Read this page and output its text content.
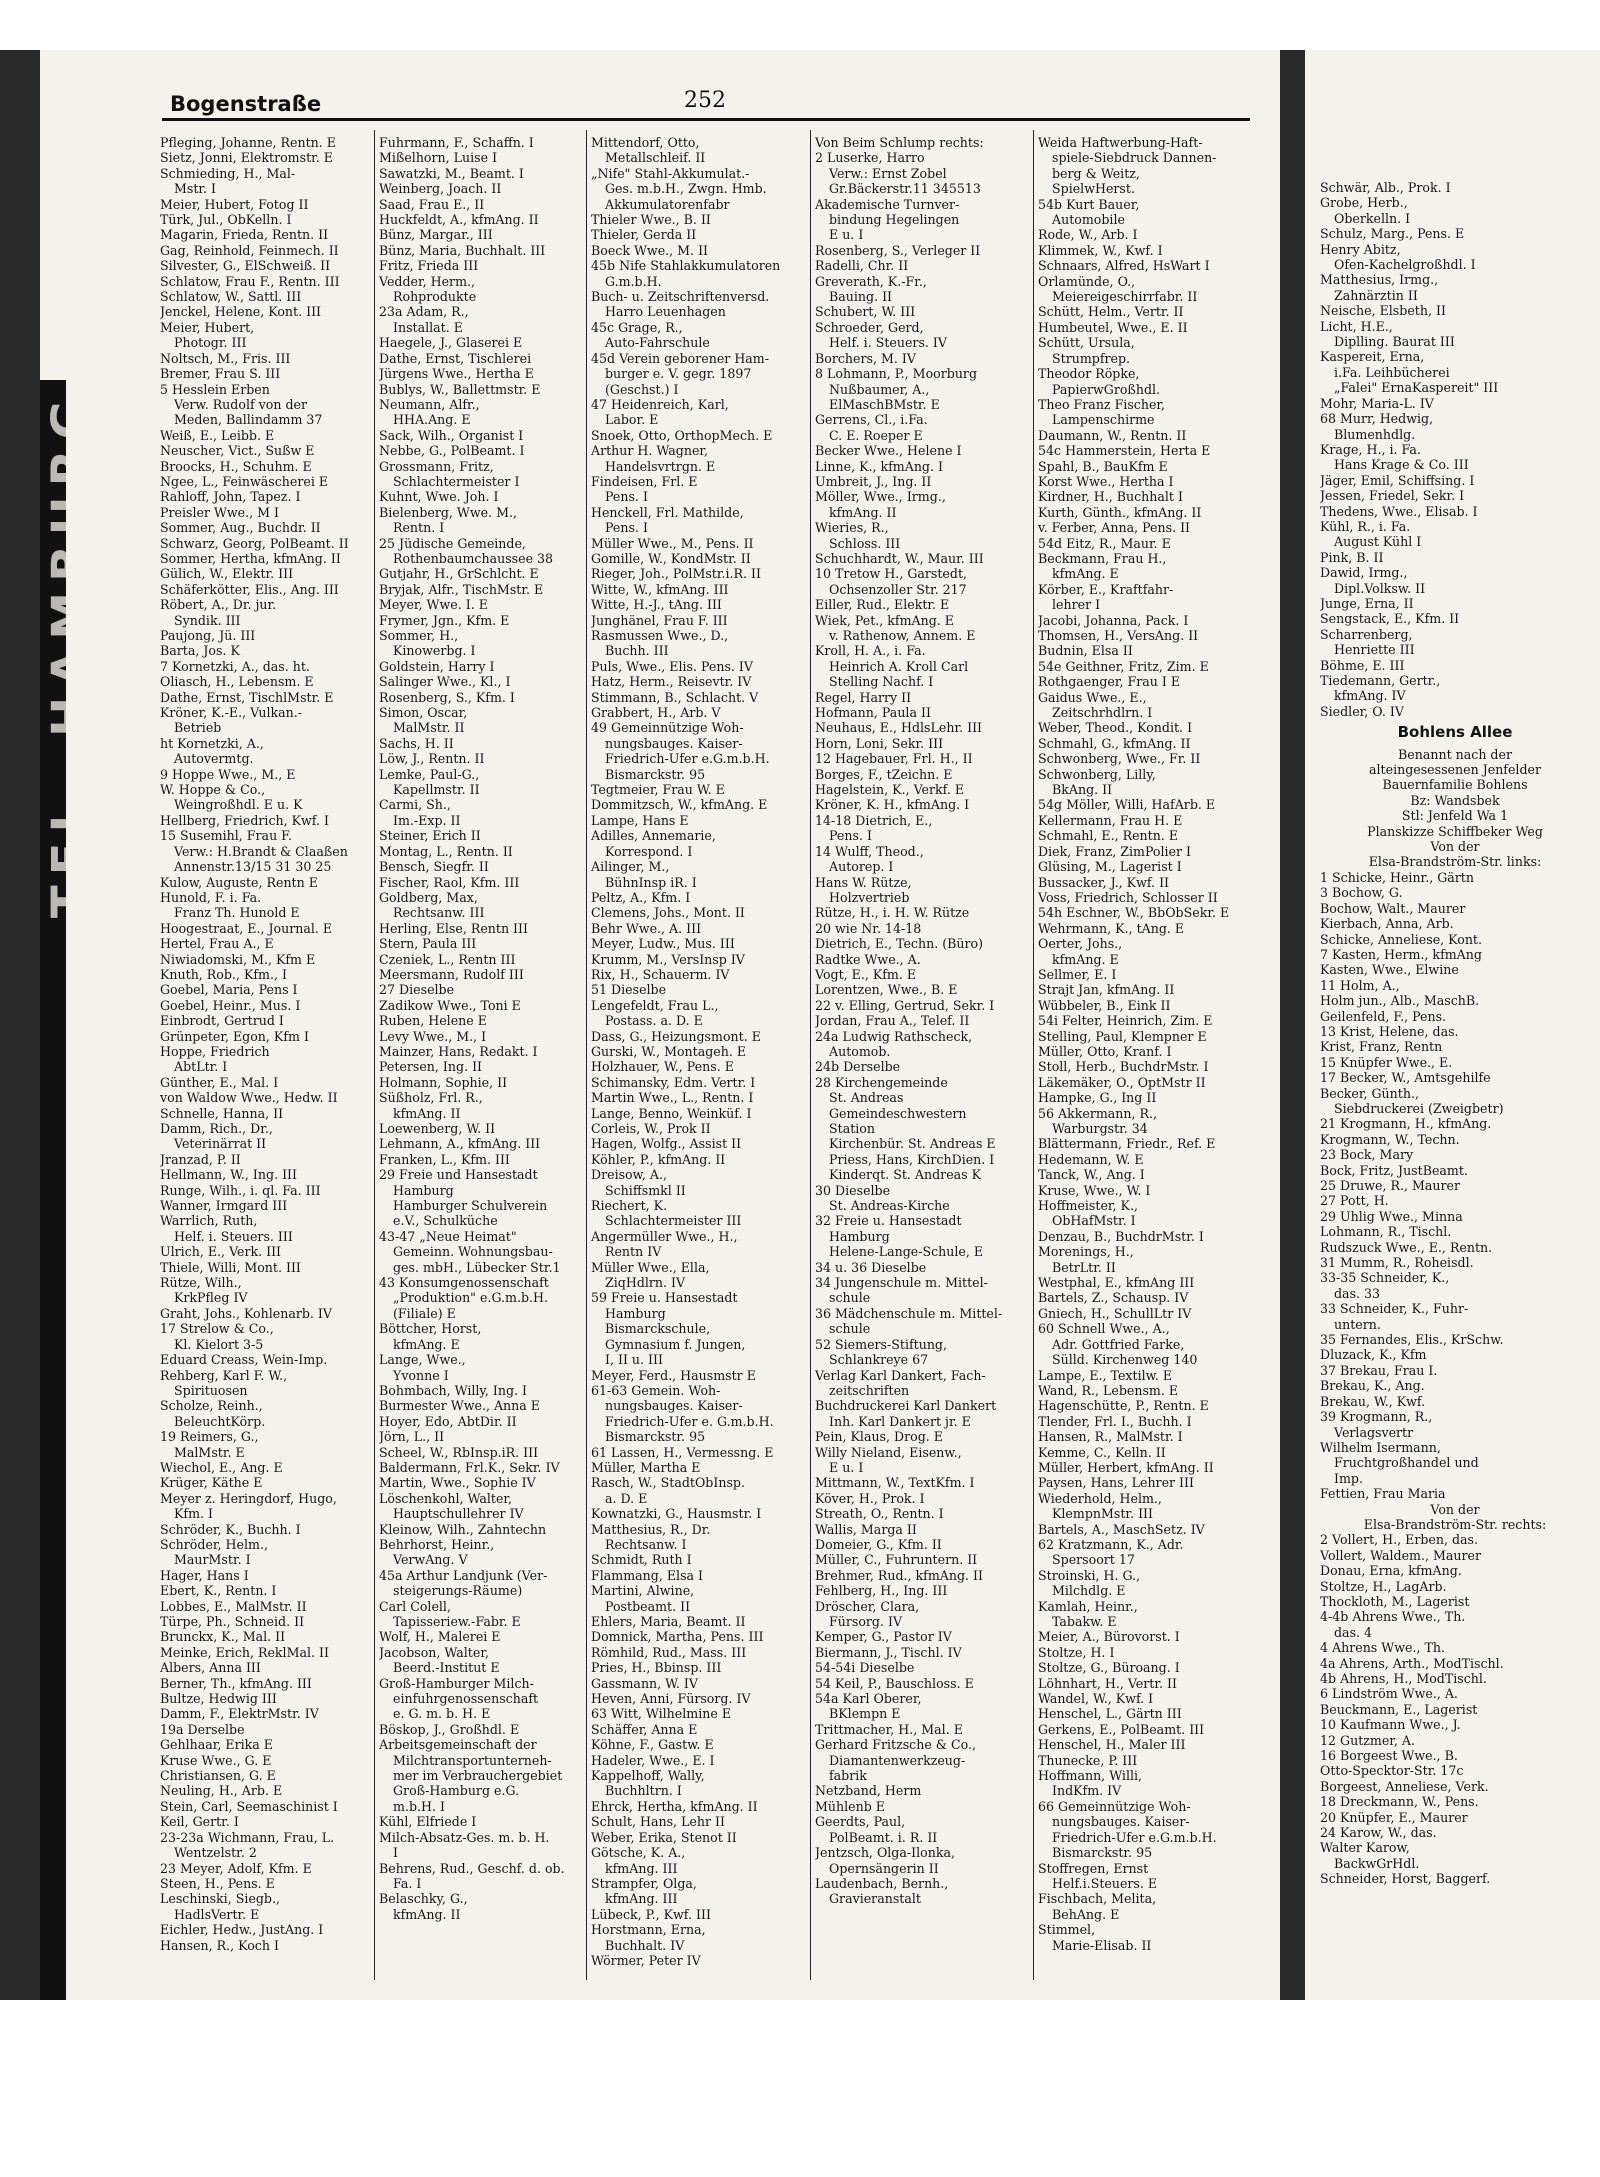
TEL. HAMBURG
Schwär, Alb., Prok. I
Grobe, Herb.,
Oberkelln. I
Schulz, Marg., Pens. E
Henry Abitz,
Ofen-Kachelgroßhdl. I
Matthesius, Irmg.,
Zahnärztin II
Neische, Elsbeth, II
Licht, H.E.,
Diplling. Baurat III
Kaspereit, Erna,
i.Fa. Leihbücherei
„Falei" ErnaKaspereit" III
Mohr, Maria-L. IV
68 Murr, Hedwig,
Blumenhdlg.
Krage, H., i. Fa.
Hans Krage & Co. III
Jäger, Emil, Schiffsing. I
Jessen, Friedel, Sekr. I
Thedens, Wwe., Elisab. I
Kühl, R., i. Fa.
August Kühl I
Pink, B. II
Dawid, Irmg.,
Dipl.Volksw. II
Junge, Erna, II
Sengstack, E., Kfm. II
Scharrenberg,
Henriette III
Böhme, E. III
Tiedemann, Gertr.,
kfmAng. IV
Siedler, O. IV
Bohlens Allee
Benannt nach der
alteingesessenen Jenfelder
Bauernfamilie Bohlens
Bz: Wandsbek
Stl: Jenfeld Wa 1
Planskizze Schiffbeker Weg
Von der
Elsa-Brandström-Str. links:
1 Schicke, Heinr., Gärtn
3 Bochow, G.
Bochow, Walt., Maurer
Kierbach, Anna, Arb.
Schicke, Anneliese, Kont.
7 Kasten, Herm., kfmAng
Kasten, Wwe., Elwine
11 Holm, A.,
Holm jun., Alb., MaschB.
Geilenfeld, F., Pens.
13 Krist, Helene, das.
Krist, Franz, Rentn
15 Knüpfer Wwe., E.
17 Becker, W., Amtsgehilfe
Becker, Günth.,
Siebdruckerei (Zweigbetr)
21 Krogmann, H., kfmAng.
Krogmann, W., Techn.
23 Bock, Mary
Bock, Fritz, JustBeamt.
25 Druwe, R., Maurer
27 Pott, H.
29 Uhlig Wwe., Minna
Lohmann, R., Tischl.
Rudszuck Wwe., E., Rentn.
31 Mumm, R., Roheisdl.
33-35 Schneider, K.,
das. 33
33 Schneider, K., Fuhr-
untern.
35 Fernandes, Elis., KrSchw.
Dluzack, K., Kfm
37 Brekau, Frau I.
Brekau, K., Ang.
Brekau, W., Kwf.
39 Krogmann, R.,
Verlagsvertr
Wilhelm Isermann,
Fruchtgroßhandel und
Imp.
Fettien, Frau Maria
Von der
Elsa-Brandström-Str. rechts:
2 Vollert, H., Erben, das.
Vollert, Waldem., Maurer
Donau, Erna, kfmAng.
Stoltze, H., LagArb.
Thockloth, M., Lagerist
4-4b Ahrens Wwe., Th.
das. 4
4 Ahrens Wwe., Th.
4a Ahrens, Arth., ModTischl.
4b Ahrens, H., ModTischl.
6 Lindström Wwe., A.
Beuckmann, E., Lagerist
10 Kaufmann Wwe., J.
12 Gutzmer, A.
16 Borgeest Wwe., B.
Otto-Specktor-Str. 17c
Borgeest, Anneliese, Verk.
18 Dreckmann, W., Pens.
20 Knüpfer, E., Maurer
24 Karow, W., das.
Walter Karow,
BackwGrHdl.
Schneider, Horst, Baggerf.
Bogenstraße	252
Pfleging, Johanne, Rentn. E
Sietz, Jonni, Elektromstr. E
Schmieding, H., Mal-
Mstr. I
Meier, Hubert, Fotog II
Türk, Jul., ObKelln. I
Magarin, Frieda, Rentn. II
Gag, Reinhold, Feinmech. II
Silvester, G., ElSchweiß. II
Schlatow, Frau F., Rentn. III
Schlatow, W., Sattl. III
Jenckel, Helene, Kont. III
Meier, Hubert,
Photogr. III
Noltsch, M., Fris. III
Bremer, Frau S. III
5 Hesslein Erben
Verw. Rudolf von der
Meden, Ballindamm 37
Weiß, E., Leibb. E
Neuscher, Vict., Sußw E
Broocks, H., Schuhm. E
Ngee, L., Feinwäscherei E
Rahloff, John, Tapez. I
Preisler Wwe., M I
Sommer, Aug., Buchdr. II
Schwarz, Georg, PolBeamt. II
Sommer, Hertha, kfmAng. II
Gülich, W., Elektr. III
Schäferkötter, Elis., Ang. III
Röbert, A., Dr. jur.
Syndik. III
Paujong, Jü. III
Barta, Jos. K
7 Kornetzki, A., das. ht.
Oliasch, H., Lebensm. E
Dathe, Ernst, TischlMstr. E
Kröner, K.-E., Vulkan.-
Betrieb
ht Kornetzki, A.,
Autovermtg.
9 Hoppe Wwe., M., E
W. Hoppe & Co.,
Weingroßhdl. E u. K
Hellberg, Friedrich, Kwf. I
15 Susemihl, Frau F.
Verw.: H.Brandt & Claaßen
Annenstr.13/15 31 30 25
Kulow, Auguste, Rentn E
Hunold, F. i. Fa.
Franz Th. Hunold E
Hoogestraat, E., Journal. E
Hertel, Frau A., E
Niwiadomski, M., Kfm E
Knuth, Rob., Kfm., I
Goebel, Maria, Pens I
Goebel, Heinr., Mus. I
Einbrodt, Gertrud I
Grünpeter, Egon, Kfm I
Hoppe, Friedrich
AbtLtr. I
Günther, E., Mal. I
von Waldow Wwe., Hedw. II
Schnelle, Hanna, II
Damm, Rich., Dr.,
Veterinärrat II
Jranzad, P. II
Hellmann, W., Ing. III
Runge, Wilh., i. ql. Fa. III
Wanner, Irmgard III
Warrlich, Ruth,
Helf. i. Steuers. III
Ulrich, E., Verk. III
Thiele, Willi, Mont. III
Rütze, Wilh.,
KrkPfleg IV
Graht, Johs., Kohlenarb. IV
17 Strelow & Co.,
Kl. Kielort 3-5
Eduard Creass, Wein-Imp.
Rehberg, Karl F. W.,
Spirituosen
Scholze, Reinh.,
BeleuchtKörp.
19 Reimers, G.,
MalMstr. E
Wiechol, E., Ang. E
Krüger, Käthe E
Meyer z. Heringdorf, Hugo,
Kfm. I
Schröder, K., Buchh. I
Schröder, Helm.,
MaurMstr. I
Hager, Hans I
Ebert, K., Rentn. I
Lobbes, E., MalMstr. II
Türpe, Ph., Schneid. II
Brunckx, K., Mal. II
Meinke, Erich, ReklMal. II
Albers, Anna III
Berner, Th., kfmAng. III
Bultze, Hedwig III
Damm, F., ElektrMstr. IV
19a Derselbe
Gehlhaar, Erika E
Kruse Wwe., G. E
Christiansen, G. E
Neuling, H., Arb. E
Stein, Carl, Seemaschinist I
Keil, Gertr. I
23-23a Wichmann, Frau, L.
Wentzelstr. 2
23 Meyer, Adolf, Kfm. E
Steen, H., Pens. E
Leschinski, Siegb.,
HadlsVertr. E
Eichler, Hedw., JustAng. I
Hansen, R., Koch I
Fuhrmann, F., Schaffn. I
Mißelhorn, Luise I
Sawatzki, M., Beamt. I
Weinberg, Joach. II
Saad, Frau E., II
Huckfeldt, A., kfmAng. II
Bünz, Margar., III
Bünz, Maria, Buchhalt. III
Fritz, Frieda III
Vedder, Herm.,
Rohprodukte
23a Adam, R.,
Installat. E
Haegele, J., Glaserei E
Dathe, Ernst, Tischlerei
Jürgens Wwe., Hertha E
Bublys, W., Ballettmstr. E
Neumann, Alfr.,
HHA.Ang. E
Sack, Wilh., Organist I
Nebbe, G., PolBeamt. I
Grossmann, Fritz,
Schlachtermeister I
Kuhnt, Wwe. Joh. I
Bielenberg, Wwe. M.,
Rentn. I
25 Jüdische Gemeinde,
Rothenbaumchaussee 38
Gutjahr, H., GrSchlcht. E
Bryjak, Alfr., TischMstr. E
Meyer, Wwe. I. E
Frymer, Jgn., Kfm. E
Sommer, H.,
Kinowerbg. I
Goldstein, Harry I
Salinger Wwe., Kl., I
Rosenberg, S., Kfm. I
Simon, Oscar,
MalMstr. II
Sachs, H. II
Löw, J., Rentn. II
Lemke, Paul-G.,
Kapellmstr. II
Carmi, Sh.,
Im.-Exp. II
Steiner, Erich II
Montag, L., Rentn. II
Bensch, Siegfr. II
Fischer, Raol, Kfm. III
Goldberg, Max,
Rechtsanw. III
Herling, Else, Rentn III
Stern, Paula III
Czeniek, L., Rentn III
Meersmann, Rudolf III
27 Dieselbe
Zadikow Wwe., Toni E
Ruben, Helene E
Levy Wwe., M., I
Mainzer, Hans, Redakt. I
Petersen, Ing. II
Holmann, Sophie, II
Süßholz, Frl. R.,
kfmAng. II
Loewenberg, W. II
Lehmann, A., kfmAng. III
Franken, L., Kfm. III
29 Freie und Hansestadt
Hamburg
Hamburger Schulverein
e.V., Schulküche
43-47 „Neue Heimat"
Gemeinn. Wohnungsbau-
ges. mbH., Lübecker Str.1
43 Konsumgenossenschaft
„Produktion" e.G.m.b.H.
(Filiale) E
Böttcher, Horst,
kfmAng. E
Lange, Wwe.,
Yvonne I
Bohmbach, Willy, Ing. I
Burmester Wwe., Anna E
Hoyer, Edo, AbtDir. II
Jörn, L., II
Scheel, W., RbInsp.iR. III
Baldermann, Frl.K., Sekr. IV
Martin, Wwe., Sophie IV
Löschenkohl, Walter,
Hauptschullehrer IV
Kleinow, Wilh., Zahntechn
Behrhorst, Heinr.,
VerwAng. V
45a Arthur Landjunk (Ver-
steigerungs-Räume)
Carl Colell,
Tapisseriew.-Fabr. E
Wolf, H., Malerei E
Jacobson, Walter,
Beerd.-Institut E
Groß-Hamburger Milch-
einfuhrgenossenschaft
e. G. m. b. H. E
Böskop, J., Großhdl. E
Arbeitsgemeinschaft der
Milchtransportunterneh-
mer im Verbrauchergebiet
Groß-Hamburg e.G.
m.b.H. I
Kühl, Elfriede I
Milch-Absatz-Ges. m. b. H.
I
Behrens, Rud., Geschf. d. ob.
Fa. I
Belaschky, G.,
kfmAng. II
Mittendorf, Otto,
Metallschleif. II
„Nife" Stahl-Akkumulat.-
Ges. m.b.H., Zwgn. Hmb.
Akkumulatorenfabr
Thieler Wwe., B. II
Thieler, Gerda II
Boeck Wwe., M. II
45b Nife Stahlakkumulatoren
G.m.b.H.
Buch- u. Zeitschriftenversd.
Harro Leuenhagen
45c Grage, R.,
Auto-Fahrschule
45d Verein geborener Ham-
burger e. V. gegr. 1897
(Geschst.) I
47 Heidenreich, Karl,
Labor. E
Snoek, Otto, OrthopMech. E
Arthur H. Wagner,
Handelsvrtrgn. E
Findeisen, Frl. E
Pens. I
Henckell, Frl. Mathilde,
Pens. I
Müller Wwe., M., Pens. II
Gomille, W., KondMstr. II
Rieger, Joh., PolMstr.i.R. II
Witte, W., kfmAng. III
Witte, H.-J., tAng. III
Junghänel, Frau F. III
Rasmussen Wwe., D.,
Buchh. III
Puls, Wwe., Elis. Pens. IV
Hatz, Herm., Reisevtr. IV
Stimmann, B., Schlacht. V
Grabbert, H., Arb. V
49 Gemeinnützige Woh-
nungsbauges. Kaiser-
Friedrich-Ufer e.G.m.b.H.
Bismarckstr. 95
Tegtmeier, Frau W. E
Dommitzsch, W., kfmAng. E
Lampe, Hans E
Adilles, Annemarie,
Korrespond. I
Ailinger, M.,
BühnInsp iR. I
Peltz, A., Kfm. I
Clemens, Johs., Mont. II
Behr Wwe., A. III
Meyer, Ludw., Mus. III
Krumm, M., VersInsp IV
Rix, H., Schauerm. IV
51 Dieselbe
Lengefeldt, Frau L.,
Postass. a. D. E
Dass, G., Heizungsmont. E
Gurski, W., Montageh. E
Holzhauer, W., Pens. E
Schimansky, Edm. Vertr. I
Martin Wwe., L., Rentn. I
Lange, Benno, Weinküf. I
Corleis, W., Prok II
Hagen, Wolfg., Assist II
Köhler, P., kfmAng. II
Dreisow, A.,
Schiffsmkl II
Riechert, K.
Schlachtermeister III
Angermüller Wwe., H.,
Rentn IV
Müller Wwe., Ella,
ZiqHdlrn. IV
59 Freie u. Hansestadt
Hamburg
Bismarckschule,
Gymnasium f. Jungen,
I, II u. III
Meyer, Ferd., Hausmstr E
61-63 Gemein. Woh-
nungsbauges. Kaiser-
Friedrich-Ufer e. G.m.b.H.
Bismarckstr. 95
61 Lassen, H., Vermessng. E
Müller, Martha E
Rasch, W., StadtObInsp.
a. D. E
Kownatzki, G., Hausmstr. I
Matthesius, R., Dr.
Rechtsanw. I
Schmidt, Ruth I
Flammang, Elsa I
Martini, Alwine,
Postbeamt. II
Ehlers, Maria, Beamt. II
Domnick, Martha, Pens. III
Römhild, Rud., Mass. III
Pries, H., Bbinsp. III
Gassmann, W. IV
Heven, Anni, Fürsorg. IV
63 Witt, Wilhelmine E
Schäffer, Anna E
Köhne, F., Gastw. E
Hadeler, Wwe., E. I
Kappelhoff, Wally,
Buchhltrn. I
Ehrck, Hertha, kfmAng. II
Schult, Hans, Lehr II
Weber, Erika, Stenot II
Götsche, K. A.,
kfmAng. III
Strampfer, Olga,
kfmAng. III
Lübeck, P., Kwf. III
Horstmann, Erna,
Buchhalt. IV
Wörmer, Peter IV
Von Beim Schlump rechts:
2 Luserke, Harro
Verw.: Ernst Zobel
Gr.Bäckerstr.11 345513
Akademische Turnver-
bindung Hegelingen
E u. I
Rosenberg, S., Verleger II
Radelli, Chr. II
Greverath, K.-Fr.,
Bauing. II
Schubert, W. III
Schroeder, Gerd,
Helf. i. Steuers. IV
Borchers, M. IV
8 Lohmann, P., Moorburg
Nußbaumer, A.,
ElMaschBMstr. E
Gerrens, Cl., i.Fa.
C. E. Roeper E
Becker Wwe., Helene I
Linne, K., kfmAng. I
Umbreit, J., Ing. II
Möller, Wwe., Irmg.,
kfmAng. II
Wieries, R.,
Schloss. III
Schuchhardt, W., Maur. III
10 Tretow H., Garstedt,
Ochsenzoller Str. 217
Eiller, Rud., Elektr. E
Wiek, Pet., kfmAng. E
v. Rathenow, Annem. E
Kroll, H. A., i. Fa.
Heinrich A. Kroll Carl
Stelling Nachf. I
Regel, Harry II
Hofmann, Paula II
Neuhaus, E., HdlsLehr. III
Horn, Loni, Sekr. III
12 Hagebauer, Frl. H., II
Borges, F., tZeichn. E
Hagelstein, K., Verkf. E
Kröner, K. H., kfmAng. I
14-18 Dietrich, E.,
Pens. I
14 Wulff, Theod.,
Autorep. I
Hans W. Rütze,
Holzvertrieb
Rütze, H., i. H. W. Rütze
20 wie Nr. 14-18
Dietrich, E., Techn. (Büro)
Radtke Wwe., A.
Vogt, E., Kfm. E
Lorentzen, Wwe., B. E
22 v. Elling, Gertrud, Sekr. I
Jordan, Frau A., Telef. II
24a Ludwig Rathscheck,
Automob.
24b Derselbe
28 Kirchengemeinde
St. Andreas
Gemeindeschwestern
Station
Kirchenbür. St. Andreas E
Priess, Hans, KirchDien. I
Kinderqt. St. Andreas K
30 Dieselbe
St. Andreas-Kirche
32 Freie u. Hansestadt
Hamburg
Helene-Lange-Schule, E
34 u. 36 Dieselbe
34 Jungenschule m. Mittel-
schule
36 Mädchenschule m. Mittel-
schule
52 Siemers-Stiftung,
Schlankreye 67
Verlag Karl Dankert, Fach-
zeitschriften
Buchdruckerei Karl Dankert
Inh. Karl Dankert jr. E
Pein, Klaus, Drog. E
Willy Nieland, Eisenw.,
E u. I
Mittmann, W., TextKfm. I
Köver, H., Prok. I
Streath, O., Rentn. I
Wallis, Marga II
Domeier, G., Kfm. II
Müller, C., Fuhruntern. II
Brehmer, Rud., kfmAng. II
Fehlberg, H., Ing. III
Dröscher, Clara,
Fürsorg. IV
Kemper, G., Pastor IV
Biermann, J., Tischl. IV
54-54i Dieselbe
54 Keil, P., Bauschloss. E
54a Karl Oberer,
BKlempn E
Trittmacher, H., Mal. E
Gerhard Fritzsche & Co.,
Diamantenwerkzeug-
fabrik
Netzband, Herm
Mühlenb E
Geerdts, Paul,
PolBeamt. i. R. II
Jentzsch, Olga-Ilonka,
Opernsängerin II
Laudenbach, Bernh.,
Gravieranstalt
Weida Haftwerbung-Haft-
spiele-Siebdruck Dannen-
berg & Weitz,
SpielwHerst.
54b Kurt Bauer,
Automobile
Rode, W., Arb. I
Klimmek, W., Kwf. I
Schnaars, Alfred, HsWart I
Orlamünde, O.,
Meiereigeschirrfabr. II
Schütt, Helm., Vertr. II
Humbeutel, Wwe., E. II
Schütt, Ursula,
Strumpfrep.
Theodor Röpke,
PapierwGroßhdl.
Theo Franz Fischer,
Lampenschirme
Daumann, W., Rentn. II
54c Hammerstein, Herta E
Spahl, B., BauKfm E
Korst Wwe., Hertha I
Kirdner, H., Buchhalt I
Kurth, Günth., kfmAng. II
v. Ferber, Anna, Pens. II
54d Eitz, R., Maur. E
Beckmann, Frau H.,
kfmAng. E
Körber, E., Kraftfahr-
lehrer I
Jacobi, Johanna, Pack. I
Thomsen, H., VersAng. II
Budnin, Elsa II
54e Geithner, Fritz, Zim. E
Rothgaenger, Frau I E
Gaidus Wwe., E.,
Zeitschrhdlrn. I
Weber, Theod., Kondit. I
Schmahl, G., kfmAng. II
Schwonberg, Wwe., Fr. II
Schwonberg, Lilly,
BkAng. II
54g Möller, Willi, HafArb. E
Kellermann, Frau H. E
Schmahl, E., Rentn. E
Diek, Franz, ZimPolier I
Glüsing, M., Lagerist I
Bussacker, J., Kwf. II
Voss, Friedrich, Schlosser II
54h Eschner, W., BbObSekr. E
Wehrmann, K., tAng. E
Oerter, Johs.,
kfmAng. E
Sellmer, E. I
Strajt Jan, kfmAng. II
Wübbeler, B., Eink II
54i Felter, Heinrich, Zim. E
Stelling, Paul, Klempner E
Müller, Otto, Kranf. I
Stoll, Herb., BuchdrMstr. I
Läkemäker, O., OptMstr II
Hampke, G., Ing II
56 Akkermann, R.,
Warburgstr. 34
Blättermann, Friedr., Ref. E
Hedemann, W. E
Tanck, W., Ang. I
Kruse, Wwe., W. I
Hoffmeister, K.,
ObHafMstr. I
Denzau, B., BuchdrMstr. I
Morenings, H.,
BetrLtr. II
Westphal, E., kfmAng III
Bartels, Z., Schausp. IV
Gniech, H., SchullLtr IV
60 Schnell Wwe., A.,
Adr. Gottfried Farke,
Sülld. Kirchenweg 140
Lampe, E., Textilw. E
Wand, R., Lebensm. E
Hagenschütte, P., Rentn. E
Tlender, Frl. I., Buchh. I
Hansen, R., MalMstr. I
Kemme, C., Kelln. II
Müller, Herbert, kfmAng. II
Paysen, Hans, Lehrer III
Wiederhold, Helm.,
KlempnMstr. III
Bartels, A., MaschSetz. IV
62 Kratzmann, K., Adr.
Spersoort 17
Stroinski, H. G.,
Milchdlg. E
Kamlah, Heinr.,
Tabakw. E
Meier, A., Bürovorst. I
Stoltze, H. I
Stoltze, G., Büroang. I
Löhnhart, H., Vertr. II
Wandel, W., Kwf. I
Henschel, L., Gärtn III
Gerkens, E., PolBeamt. III
Henschel, H., Maler III
Thunecke, P. III
Hoffmann, Willi,
IndKfm. IV
66 Gemeinnützige Woh-
nungsbauges. Kaiser-
Friedrich-Ufer e.G.m.b.H.
Bismarckstr. 95
Stoffregen, Ernst
Helf.i.Steuers. E
Fischbach, Melita,
BehAng. E
Stimmel,
Marie-Elisab. II
